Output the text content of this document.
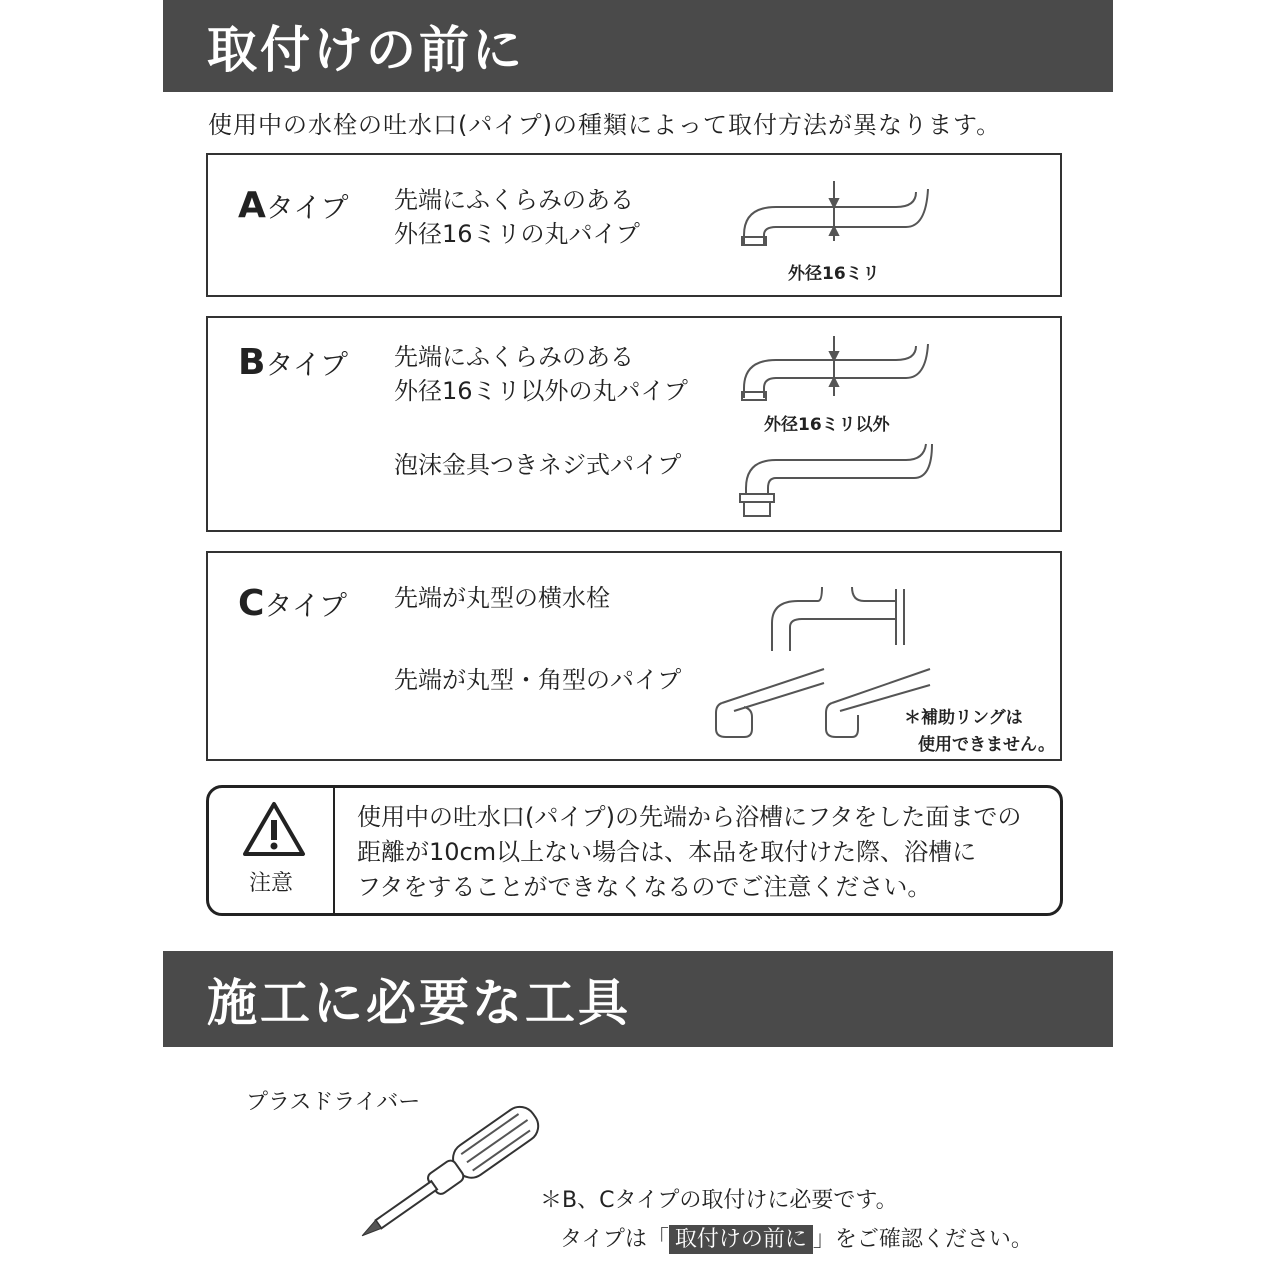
取付けの前に
使用中の水栓の吐水口(パイプ)の種類によって取付方法が異なります。
Aタイプ 先端にふくらみのある
外径16ミリの丸パイプ
外径16ミリ
Bタイプ 先端にふくらみのある
外径16ミリ以外の丸パイプ
外径16ミリ以外
泡沫金具つきネジ式パイプ
Cタイプ 先端が丸型の横水栓
先端が丸型・角型のパイプ
＊補助リングは
使用できません。
注意
使用中の吐水口(パイプ)の先端から浴槽にフタをした面までの
距離が10cm以上ない場合は、本品を取付けた際、浴槽に
フタをすることができなくなるのでご注意ください。
施工に必要な工具
プラスドライバー
＊B、Cタイプの取付けに必要です。
タイプは「 取付けの前に 」をご確認ください。
